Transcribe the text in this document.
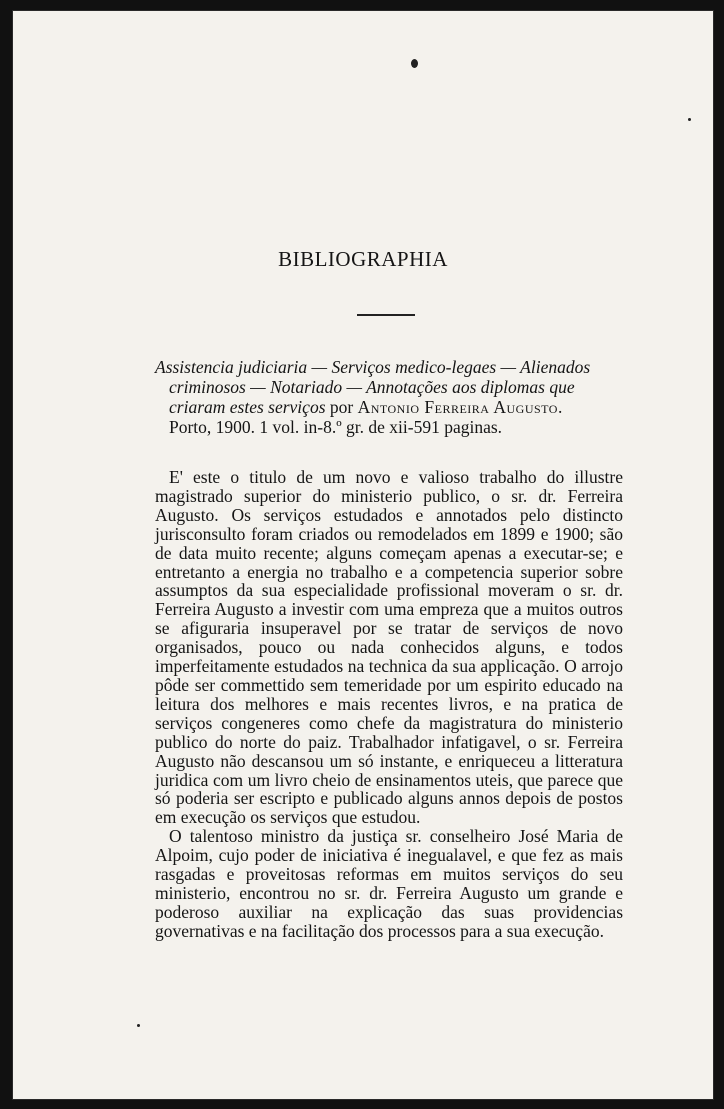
BIBLIOGRAPHIA
Assistencia judiciaria — Serviços medico-legaes — Alienados
criminosos — Notariado — Annotações aos diplomas que
criaram estes serviços por Antonio Ferreira Augusto.
Porto, 1900. 1 vol. in-8.º gr. de xii-591 paginas.

E' este o titulo de um novo e valioso trabalho do illustre magistrado superior do ministerio publico, o sr. dr. Ferreira Augusto. Os serviços estudados e annotados pelo distincto jurisconsulto foram criados ou remodelados em 1899 e 1900; são de data muito recente; alguns começam apenas a executar-se; e entretanto a energia no trabalho e a competencia superior sobre assumptos da sua especialidade profissional moveram o sr. dr. Ferreira Augusto a investir com uma empreza que a muitos outros se afiguraria insuperavel por se tratar de serviços de novo organisados, pouco ou nada conhecidos alguns, e todos imperfeitamente estudados na technica da sua applicação. O arrojo pôde ser commettido sem temeridade por um espirito educado na leitura dos melhores e mais recentes livros, e na pratica de serviços congeneres como chefe da magistratura do ministerio publico do norte do paiz. Trabalhador infatigavel, o sr. Ferreira Augusto não descansou um só instante, e enriqueceu a litteratura juridica com um livro cheio de ensinamentos uteis, que parece que só poderia ser escripto e publicado alguns annos depois de postos em execução os serviços que estudou.

O talentoso ministro da justiça sr. conselheiro José Maria de Alpoim, cujo poder de iniciativa é inegualavel, e que fez as mais rasgadas e proveitosas reformas em muitos serviços do seu ministerio, encontrou no sr. dr. Ferreira Augusto um grande e poderoso auxiliar na explicação das suas providencias governativas e na facilitação dos processos para a sua execução.
